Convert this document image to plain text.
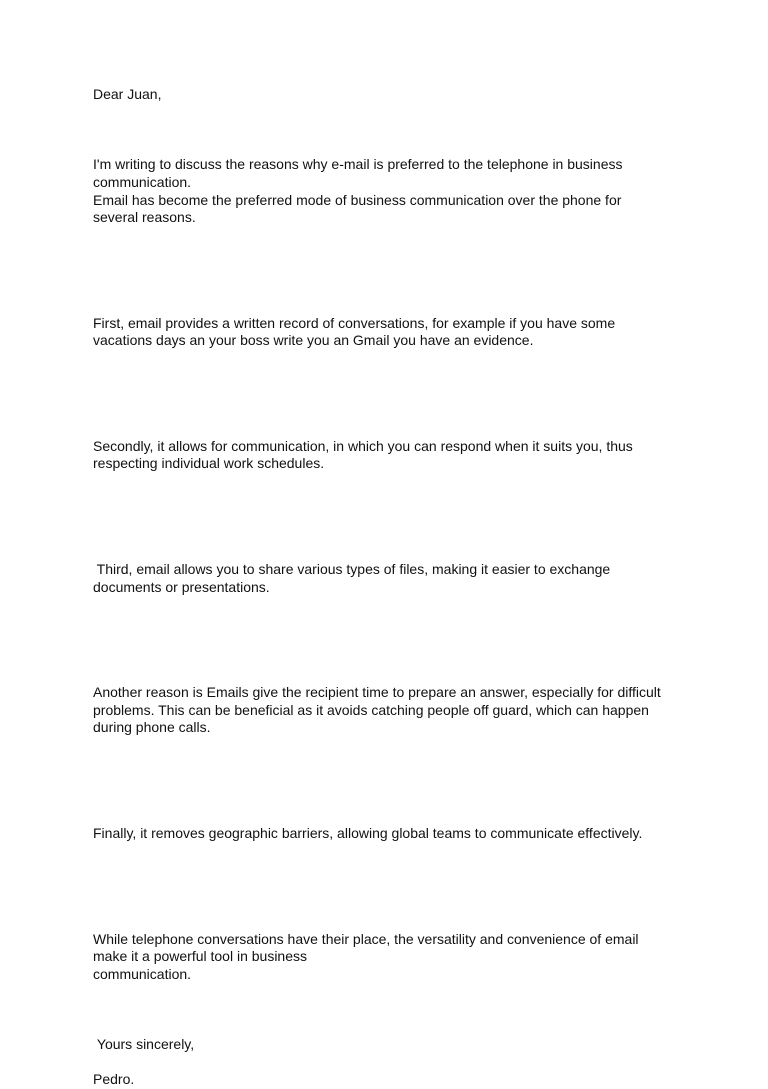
Dear Juan,

I'm writing to discuss the reasons why e-mail is preferred to the telephone in business
communication.
Email has become the preferred mode of business communication over the phone for
several reasons.

First, email provides a written record of conversations, for example if you have some
vacations days an your boss write you an Gmail you have an evidence.

Secondly, it allows for communication, in which you can respond when it suits you, thus
respecting individual work schedules.

Third, email allows you to share various types of files, making it easier to exchange
documents or presentations.

Another reason is Emails give the recipient time to prepare an answer, especially for difficult
problems. This can be beneficial as it avoids catching people off guard, which can happen
during phone calls.

Finally, it removes geographic barriers, allowing global teams to communicate effectively.

While telephone conversations have their place, the versatility and convenience of email
make it a powerful tool in business
communication.

Yours sincerely,

Pedro.
